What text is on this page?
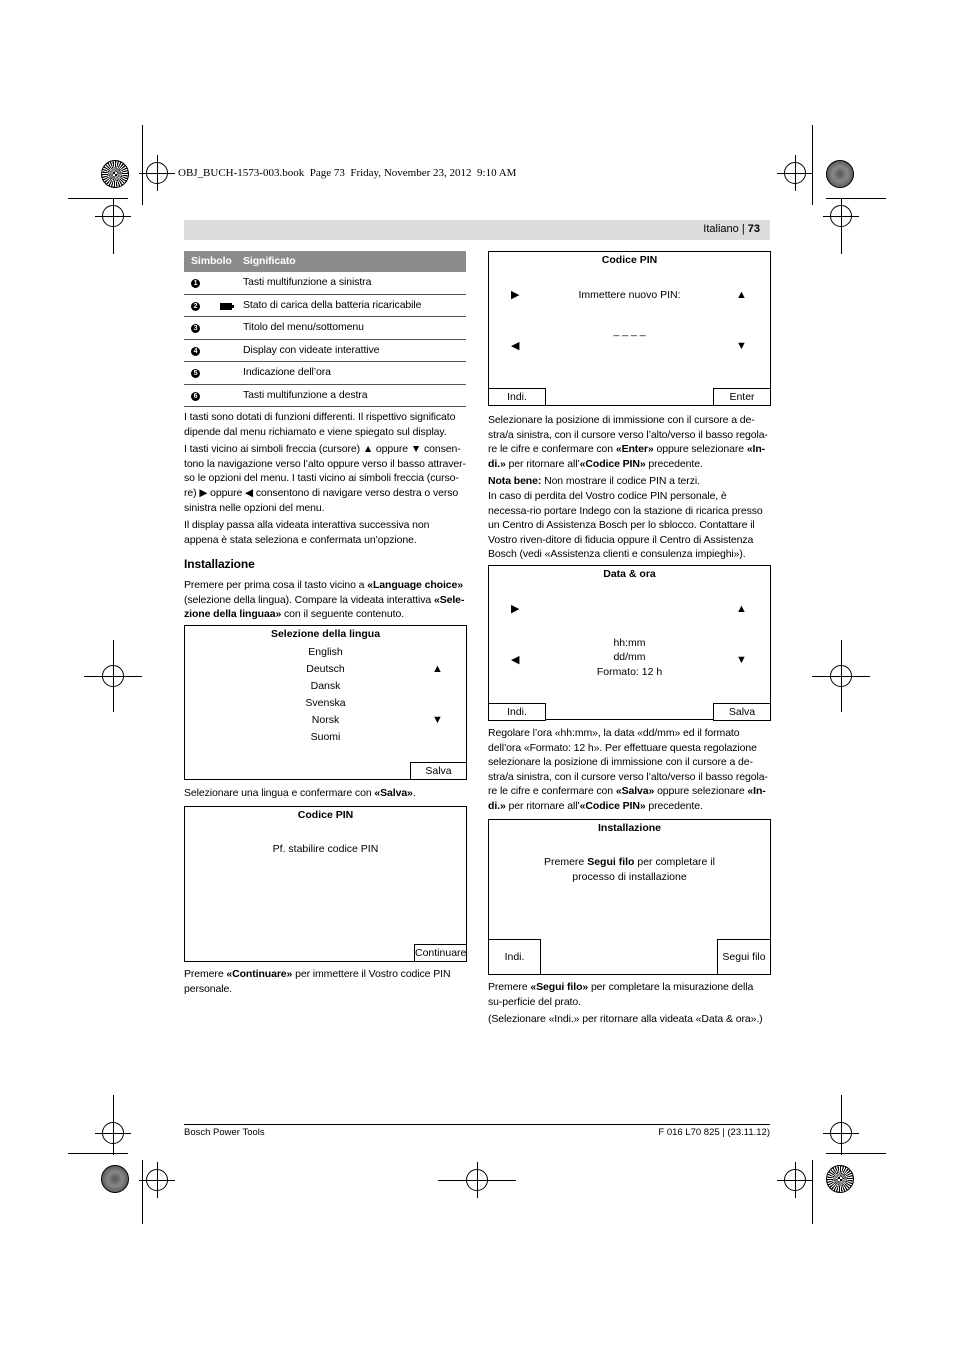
OBJ_BUCH-1573-003.book  Page 73  Friday, November 23, 2012  9:10 AM
Italiano | 73
Simbolo	Significato
1	Tasti multifunzione a sinistra
2	Stato di carica della batteria ricaricabile
3	Titolo del menu/sottomenu
4	Display con videate interattive
5	Indicazione dell’ora
6	Tasti multifunzione a destra

I tasti sono dotati di funzioni differenti. Il rispettivo significato dipende dal menu richiamato e viene spiegato sul display.

I tasti vicino ai simboli freccia (cursore) ▲ oppure ▼ consen-tono la navigazione verso l’alto oppure verso il basso attraver-so le opzioni del menu. I tasti vicino ai simboli freccia (curso-re) ▶ oppure ◀ consentono di navigare verso destra o verso sinistra nelle opzioni del menu.

Il display passa alla videata interattiva successiva non appena è stata seleziona e confermata un’opzione.

Installazione

Premere per prima cosa il tasto vicino a «Language choice» (selezione della lingua). Compare la videata interattiva «Sele-zione della linguaa» con il seguente contenuto.

Selezione della lingua
English
Deutsch
Dansk
Svenska
Norsk
Suomi
▲
▼
Salva

Selezionare una lingua e confermare con «Salva».

Codice PIN
Pf. stabilire codice PIN
Continuare

Premere «Continuare» per immettere il Vostro codice PIN personale.

Codice PIN
Immettere nuovo PIN:
_ _ _ _
▶
◀
▲
▼
Indi.	Enter

Selezionare la posizione di immissione con il cursore a de-stra/a sinistra, con il cursore verso l’alto/verso il basso regola-re le cifre e confermare con «Enter» oppure selezionare «In-di.» per ritornare all’«Codice PIN» precedente.

Nota bene: Non mostrare il codice PIN a terzi.

In caso di perdita del Vostro codice PIN personale, è necessa-rio portare Indego con la stazione di ricarica presso un Centro di Assistenza Bosch per lo sblocco. Contattare il Vostro riven-ditore di fiducia oppure il Centro di Assistenza Bosch (vedi «Assistenza clienti e consulenza impieghi»).

Data & ora
hh:mm
dd/mm
Formato: 12 h
▶
◀
▲
▼
Indi.	Salva

Regolare l’ora «hh:mm», la data «dd/mm» ed il formato dell’ora «Formato: 12 h». Per effettuare questa regolazione selezionare la posizione di immissione con il cursore a de-stra/a sinistra, con il cursore verso l’alto/verso il basso regola-re le cifre e confermare con «Salva» oppure selezionare «In-di.» per ritornare all’«Codice PIN» precedente.

Installazione
Premere Segui filo per completare il
processo di installazione
Indi.	Segui filo

Premere «Segui filo» per completare la misurazione della su-perficie del prato.

(Selezionare «Indi.» per ritornare alla videata «Data & ora».)

Bosch Power Tools	F 016 L70 825 | (23.11.12)
